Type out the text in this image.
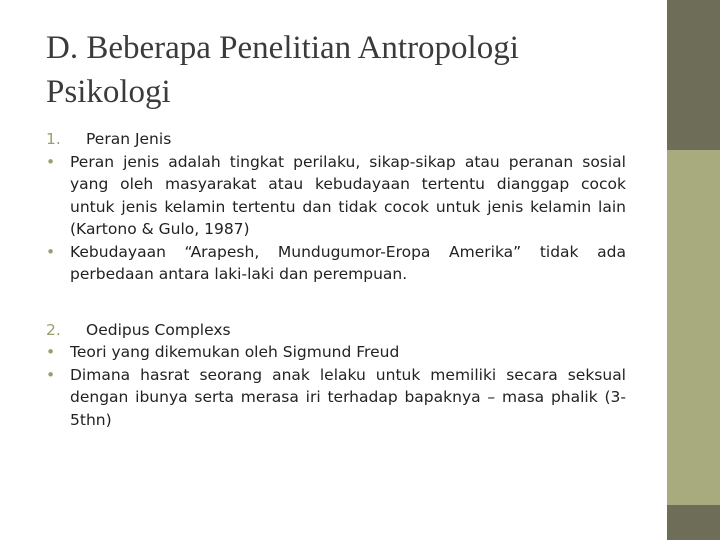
D. Beberapa Penelitian Antropologi Psikologi
1.	Peran Jenis
• Peran jenis adalah tingkat perilaku, sikap-sikap atau peranan sosial yang oleh masyarakat atau kebudayaan tertentu dianggap cocok untuk jenis kelamin tertentu dan tidak cocok untuk jenis kelamin lain (Kartono & Gulo, 1987)
• Kebudayaan “Arapesh, Mundugumor-Eropa Amerika” tidak ada perbedaan antara laki-laki dan perempuan.
2.	Oedipus Complexs
• Teori yang dikemukan oleh Sigmund Freud
• Dimana hasrat seorang anak lelaku untuk memiliki secara seksual dengan ibunya serta merasa iri terhadap bapaknya – masa phalik (3-5thn)
